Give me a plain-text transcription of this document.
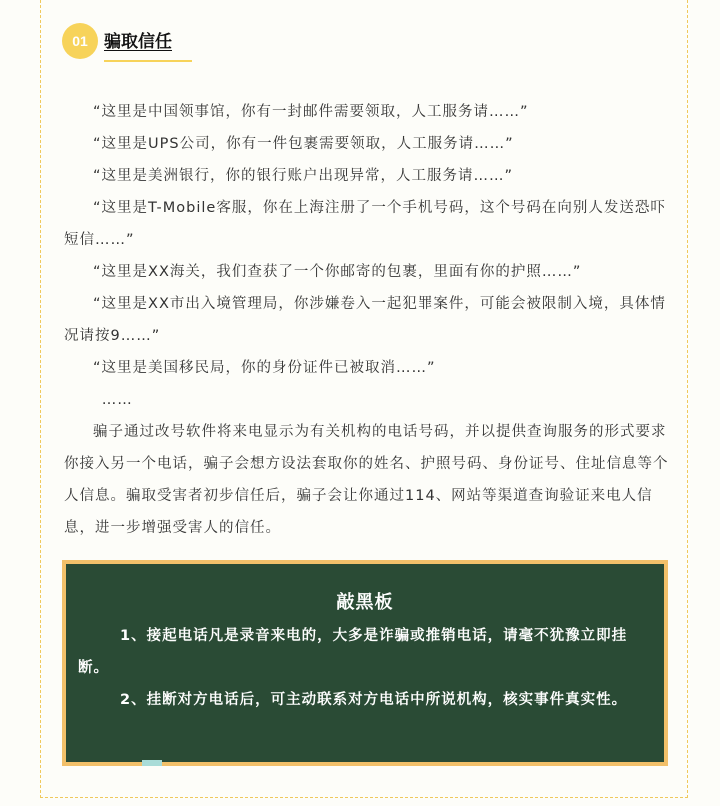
01 骗取信任

“这里是中国领事馆，你有一封邮件需要领取，人工服务请……”

“这里是UPS公司，你有一件包裹需要领取，人工服务请……”

“这里是美洲银行，你的银行账户出现异常，人工服务请……”

“这里是T-Mobile客服，你在上海注册了一个手机号码，这个号码在向别人发送恐吓短信……”

“这里是XX海关，我们查获了一个你邮寄的包裹，里面有你的护照……”

“这里是XX市出入境管理局，你涉嫌卷入一起犯罪案件，可能会被限制入境，具体情况请按9……”

“这里是美国移民局，你的身份证件已被取消……”

……

骗子通过改号软件将来电显示为有关机构的电话号码，并以提供查询服务的形式要求你接入另一个电话，骗子会想方设法套取你的姓名、护照号码、身份证号、住址信息等个人信息。骗取受害者初步信任后，骗子会让你通过114、网站等渠道查询验证来电人信息，进一步增强受害人的信任。

敲黑板

1、接起电话凡是录音来电的，大多是诈骗或推销电话，请毫不犹豫立即挂断。

2、挂断对方电话后，可主动联系对方电话中所说机构，核实事件真实性。
